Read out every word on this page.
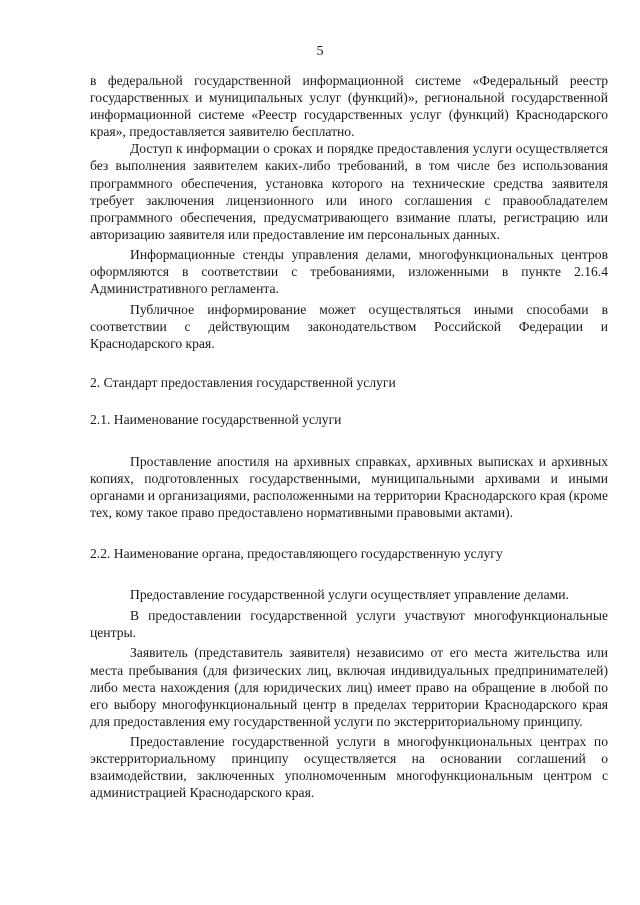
5

в федеральной государственной информационной системе «Федеральный реестр государственных и муниципальных услуг (функций)», региональной государственной информационной системе «Реестр государственных услуг (функций) Краснодарского края», предоставляется заявителю бесплатно.

Доступ к информации о сроках и порядке предоставления услуги осуществляется без выполнения заявителем каких-либо требований, в том числе без использования программного обеспечения, установка которого на технические средства заявителя требует заключения лицензионного или иного соглашения с правообладателем программного обеспечения, предусматривающего взимание платы, регистрацию или авторизацию заявителя или предоставление им персональных данных.

Информационные стенды управления делами, многофункциональных центров оформляются в соответствии с требованиями, изложенными в пункте 2.16.4 Административного регламента.

Публичное информирование может осуществляться иными способами в соответствии с действующим законодательством Российской Федерации и Краснодарского края.

2. Стандарт предоставления государственной услуги

2.1. Наименование государственной услуги

Проставление апостиля на архивных справках, архивных выписках и архивных копиях, подготовленных государственными, муниципальными архивами и иными органами и организациями, расположенными на территории Краснодарского края (кроме тех, кому такое право предоставлено нормативными правовыми актами).

2.2. Наименование органа, предоставляющего государственную услугу

Предоставление государственной услуги осуществляет управление делами.

В предоставлении государственной услуги участвуют многофункциональные центры.

Заявитель (представитель заявителя) независимо от его места жительства или места пребывания (для физических лиц, включая индивидуальных предпринимателей) либо места нахождения (для юридических лиц) имеет право на обращение в любой по его выбору многофункциональный центр в пределах территории Краснодарского края для предоставления ему государственной услуги по экстерриториальному принципу.

Предоставление государственной услуги в многофункциональных центрах по экстерриториальному принципу осуществляется на основании соглашений о взаимодействии, заключенных уполномоченным многофункциональным центром с администрацией Краснодарского края.
